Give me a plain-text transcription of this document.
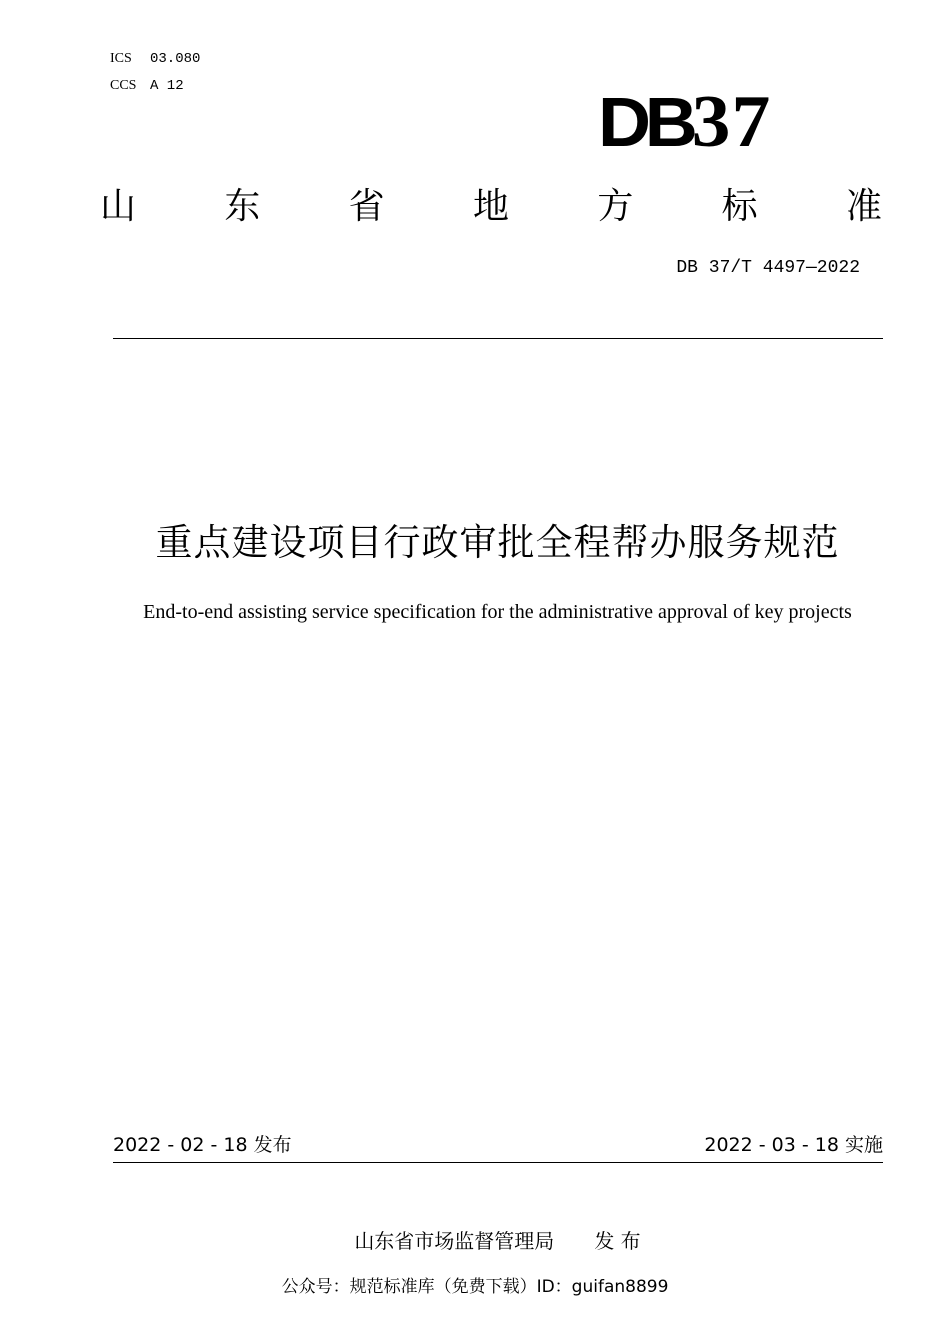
ICS 03.080
CCS A 12	DB37
山 东 省 地 方 标 准
DB 37/T 4497—2022
重点建设项目行政审批全程帮办服务规范
End-to-end assisting service specification for the administrative approval of key projects
2022 - 02 - 18 发布	2022 - 03 - 18 实施
山东省市场监督管理局 发 布
公众号：规范标准库（免费下载）ID：guifan8899
